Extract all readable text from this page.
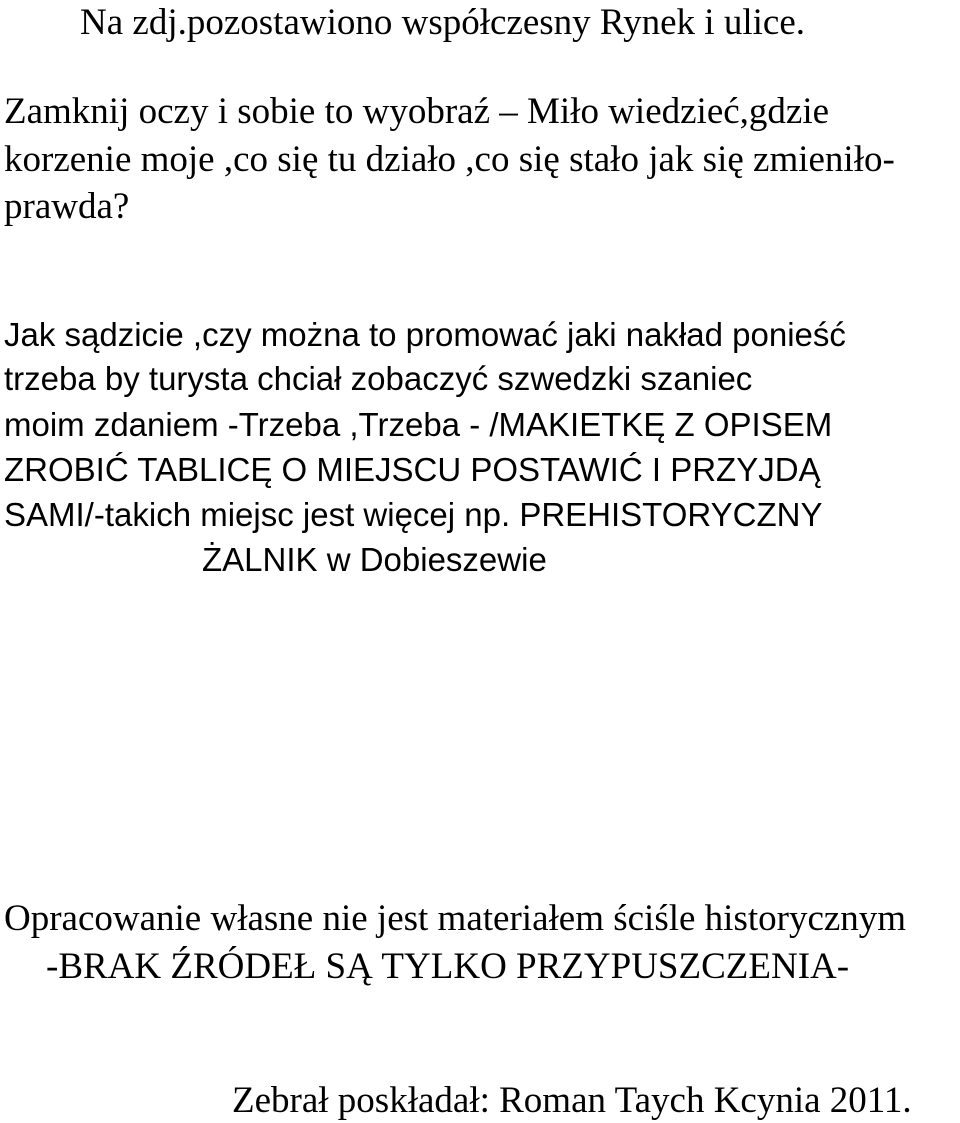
Na zdj.pozostawiono współczesny Rynek i ulice.

Zamknij oczy i sobie to wyobraź – Miło wiedzieć,gdzie

korzenie moje ,co się tu działo ,co się stało jak się zmieniło-

prawda?

Jak sądzicie ,czy można to promować jaki nakład ponieść

trzeba by turysta chciał zobaczyć szwedzki szaniec

moim zdaniem -Trzeba ,Trzeba - /MAKIETKĘ Z OPISEM

ZROBIĆ TABLICĘ O MIEJSCU POSTAWIĆ I PRZYJDĄ

SAMI/-takich miejsc jest więcej np. PREHISTORYCZNY

ŻALNIK w Dobieszewie

Opracowanie własne nie jest materiałem ściśle historycznym

-BRAK ŹRÓDEŁ SĄ TYLKO PRZYPUSZCZENIA-

Zebrał poskładał: Roman Taych Kcynia 2011.
